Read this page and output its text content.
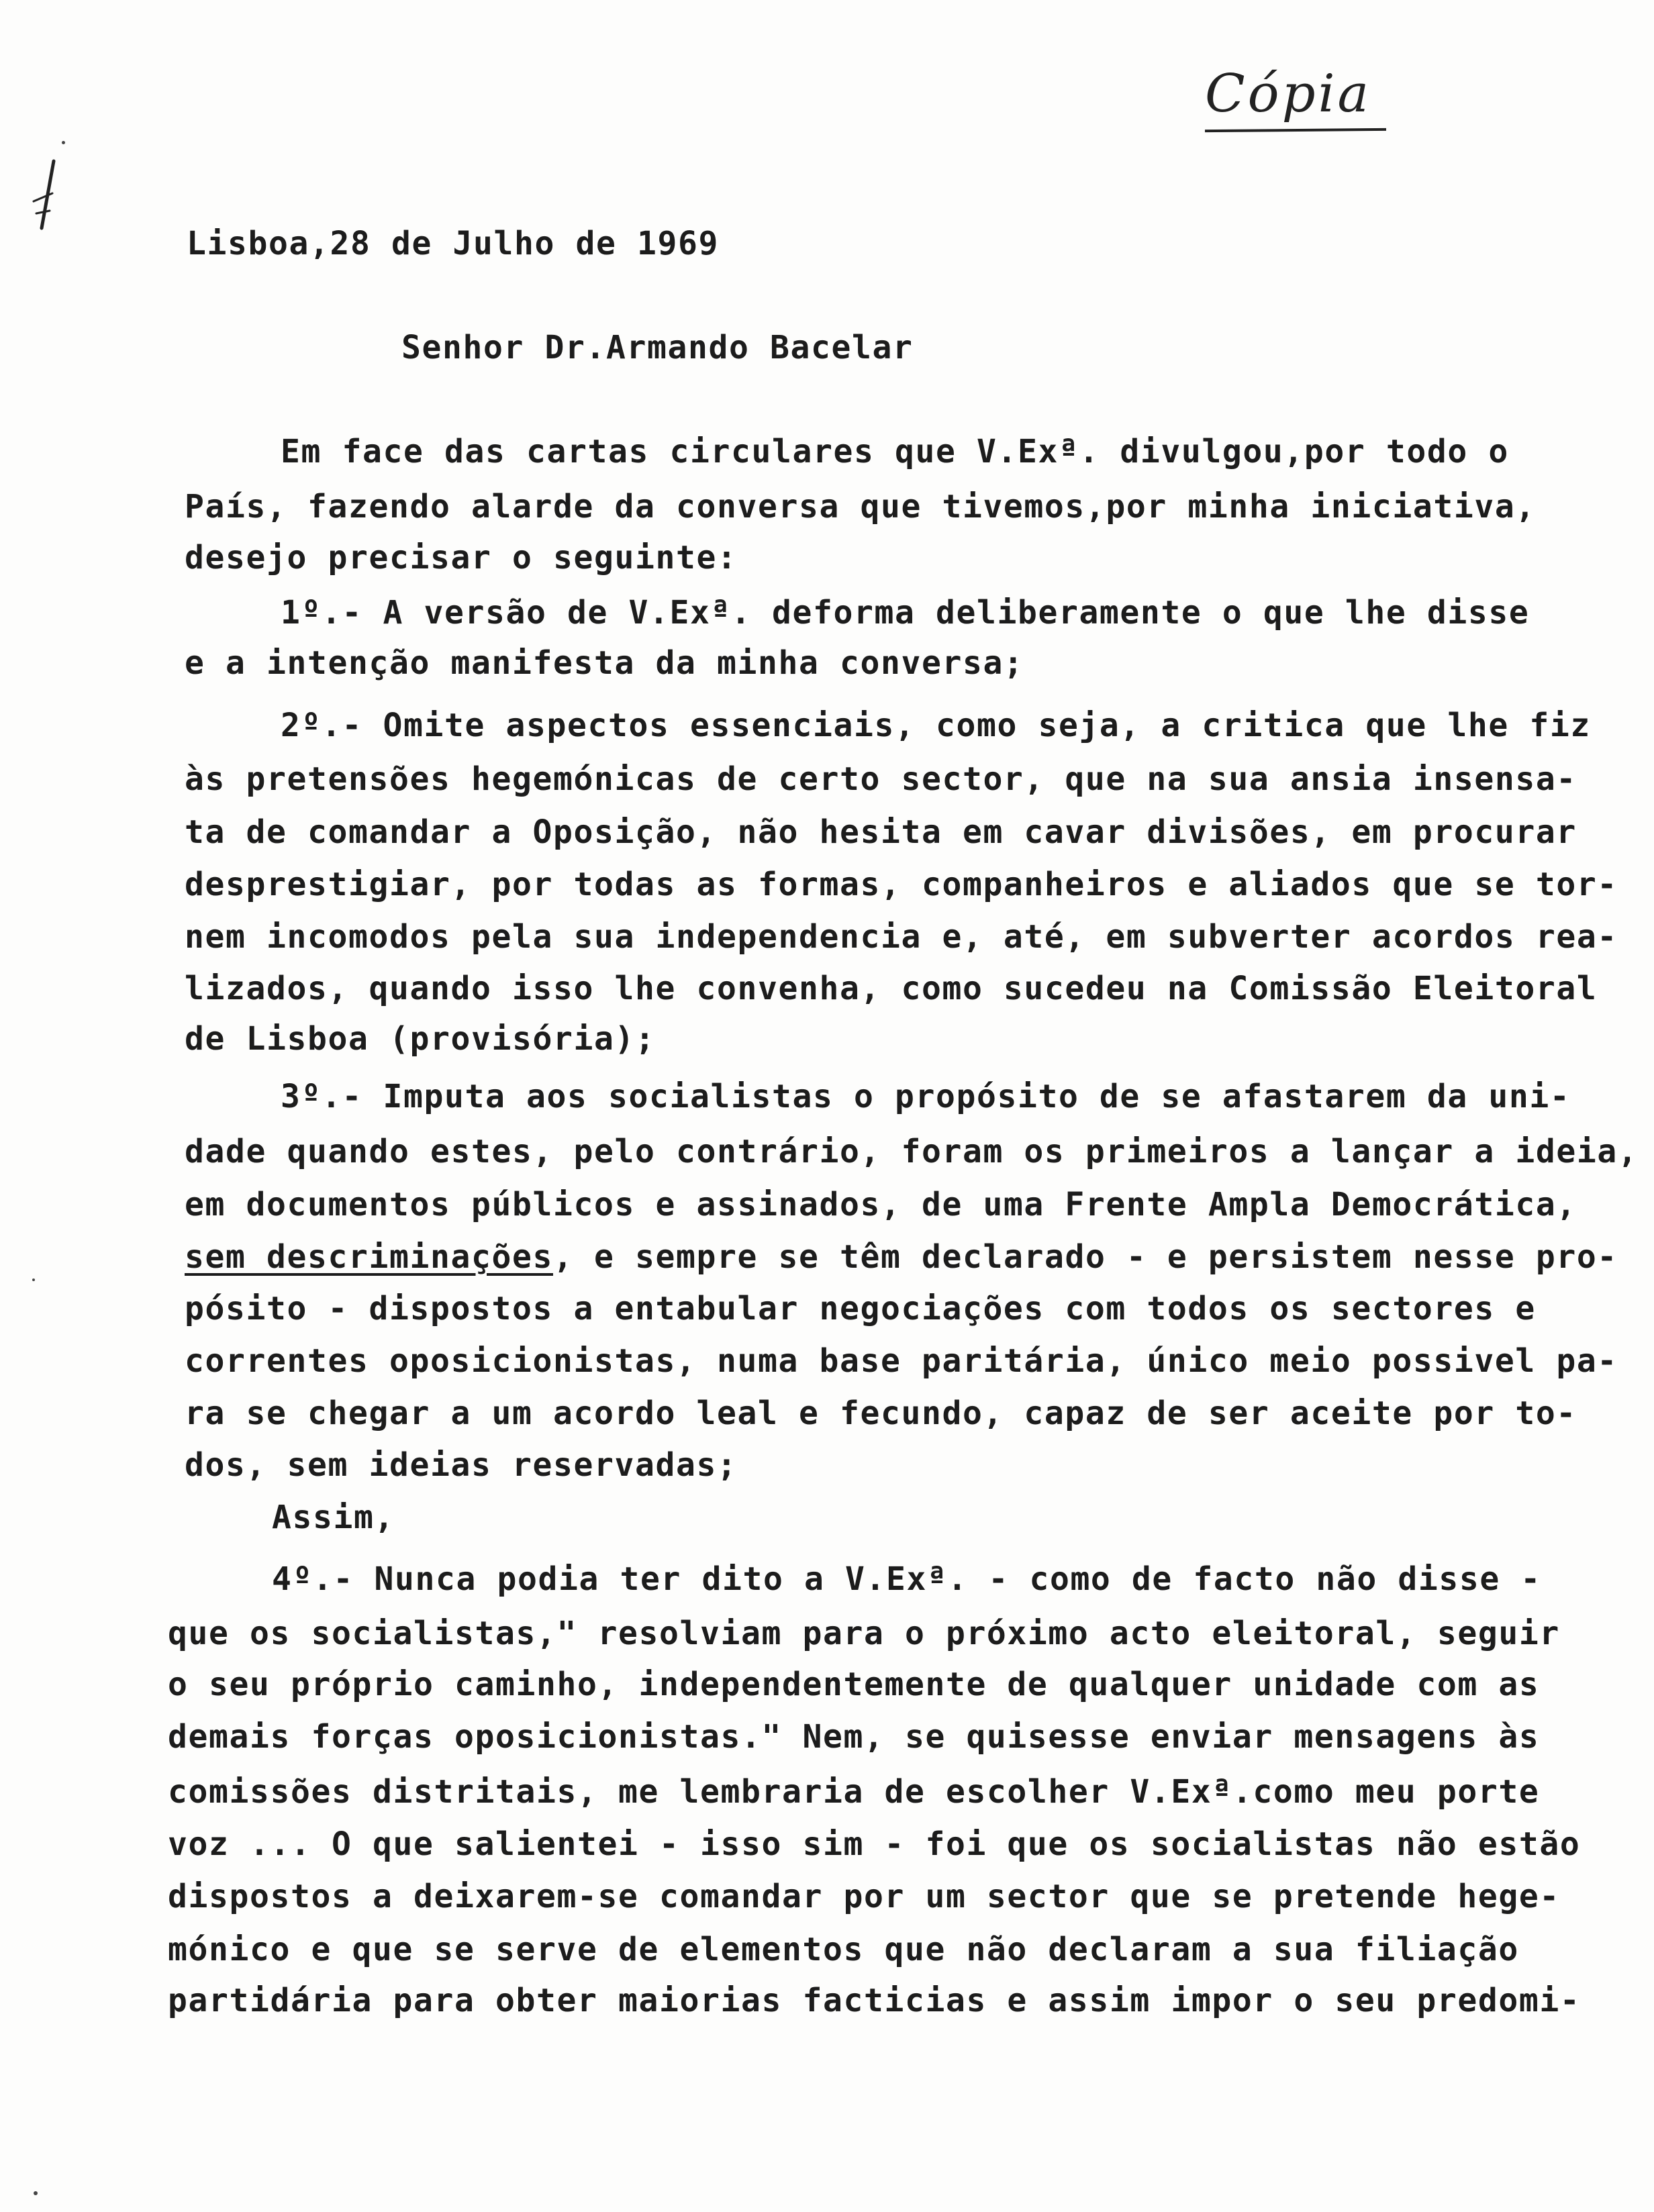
Cópia
Lisboa,28 de Julho de 1969
Senhor Dr.Armando Bacelar
Em face das cartas circulares que V.Exª. divulgou,por todo o
País, fazendo alarde da conversa que tivemos,por minha iniciativa,
desejo precisar o seguinte:
1º.- A versão de V.Exª. deforma deliberamente o que lhe disse
e a intenção manifesta da minha conversa;
2º.- Omite aspectos essenciais, como seja, a critica que lhe fiz
às pretensões hegemónicas de certo sector, que na sua ansia insensa-
ta de comandar a Oposição, não hesita em cavar divisões, em procurar
desprestigiar, por todas as formas, companheiros e aliados que se tor-
nem incomodos pela sua independencia e, até, em subverter acordos rea-
lizados, quando isso lhe convenha, como sucedeu na Comissão Eleitoral
de Lisboa (provisória);
3º.- Imputa aos socialistas o propósito de se afastarem da uni-
dade quando estes, pelo contrário, foram os primeiros a lançar a ideia,
em documentos públicos e assinados, de uma Frente Ampla Democrática,
sem descriminações, e sempre se têm declarado - e persistem nesse pro-
pósito - dispostos a entabular negociações com todos os sectores e
correntes oposicionistas, numa base paritária, único meio possivel pa-
ra se chegar a um acordo leal e fecundo, capaz de ser aceite por to-
dos, sem ideias reservadas;
Assim,
4º.- Nunca podia ter dito a V.Exª. - como de facto não disse -
que os socialistas," resolviam para o próximo acto eleitoral, seguir
o seu próprio caminho, independentemente de qualquer unidade com as
demais forças oposicionistas." Nem, se quisesse enviar mensagens às
comissões distritais, me lembraria de escolher V.Exª.como meu porte
voz ... O que salientei - isso sim - foi que os socialistas não estão
dispostos a deixarem-se comandar por um sector que se pretende hege-
mónico e que se serve de elementos que não declaram a sua filiação
partidária para obter maiorias facticias e assim impor o seu predomi-
